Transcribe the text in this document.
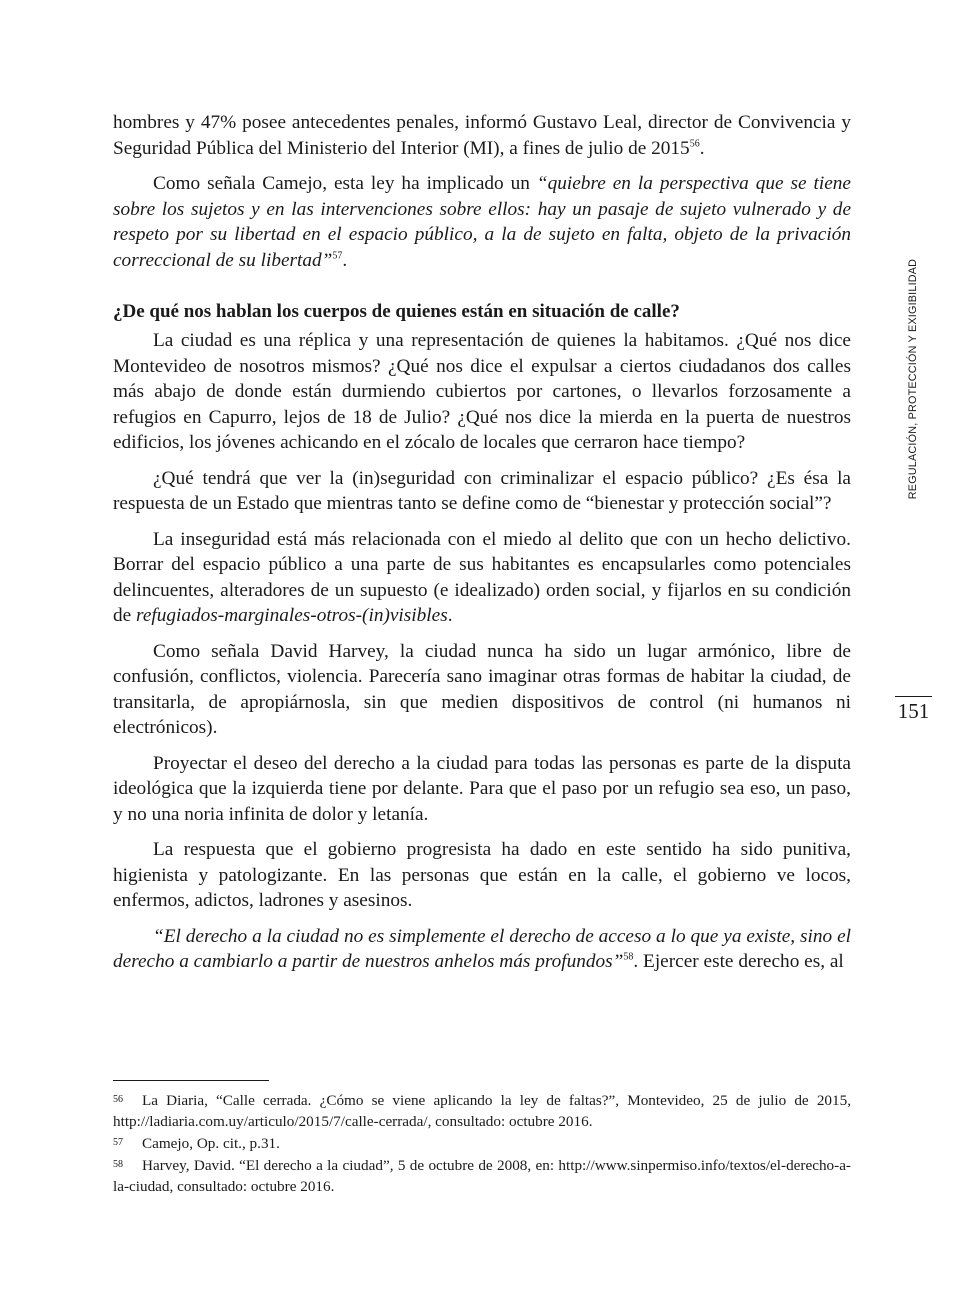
hombres y 47% posee antecedentes penales, informó Gustavo Leal, director de Convivencia y Seguridad Pública del Ministerio del Interior (MI), a fines de julio de 2015$^{56}$.

Como señala Camejo, esta ley ha implicado un “quiebre en la perspectiva que se tiene sobre los sujetos y en las intervenciones sobre ellos: hay un pasaje de sujeto vulnerado y de respeto por su libertad en el espacio público, a la de sujeto en falta, objeto de la privación correccional de su libertad”$^{57}$.

¿De qué nos hablan los cuerpos de quienes están en situación de calle?

La ciudad es una réplica y una representación de quienes la habitamos. ¿Qué nos dice Montevideo de nosotros mismos? ¿Qué nos dice el expulsar a ciertos ciudadanos dos calles más abajo de donde están durmiendo cubiertos por cartones, o llevarlos forzosamente a refugios en Capurro, lejos de 18 de Julio? ¿Qué nos dice la mierda en la puerta de nuestros edificios, los jóvenes achicando en el zócalo de locales que cerraron hace tiempo?

¿Qué tendrá que ver la (in)seguridad con criminalizar el espacio público? ¿Es ésa la respuesta de un Estado que mientras tanto se define como de “bienestar y protección social”?

La inseguridad está más relacionada con el miedo al delito que con un hecho delictivo. Borrar del espacio público a una parte de sus habitantes es encapsularles como potenciales delincuentes, alteradores de un supuesto (e idealizado) orden social, y fijarlos en su condición de refugiados-marginales-otros-(in)visibles.

Como señala David Harvey, la ciudad nunca ha sido un lugar armónico, libre de confusión, conflictos, violencia. Parecería sano imaginar otras formas de habitar la ciudad, de transitarla, de apropiárnosla, sin que medien dispositivos de control (ni humanos ni electrónicos).

Proyectar el deseo del derecho a la ciudad para todas las personas es parte de la disputa ideológica que la izquierda tiene por delante. Para que el paso por un refugio sea eso, un paso, y no una noria infinita de dolor y letanía.

La respuesta que el gobierno progresista ha dado en este sentido ha sido punitiva, higienista y patologizante. En las personas que están en la calle, el gobierno ve locos, enfermos, adictos, ladrones y asesinos.

“El derecho a la ciudad no es simplemente el derecho de acceso a lo que ya existe, sino el derecho a cambiarlo a partir de nuestros anhelos más profundos”$^{58}$. Ejercer este derecho es, al

56 La Diaria, “Calle cerrada. ¿Cómo se viene aplicando la ley de faltas?”, Montevideo, 25 de julio de 2015, http://ladiaria.com.uy/articulo/2015/7/calle-cerrada/, consultado: octubre 2016.

57 Camejo, Op. cit., p.31.

58 Harvey, David. “El derecho a la ciudad”, 5 de octubre de 2008, en: http://www.sinpermiso.info/textos/el-derecho-a-la-ciudad, consultado: octubre 2016.

REGULACIÓN, PROTECCIÓN Y EXIGIBILIDAD
151
